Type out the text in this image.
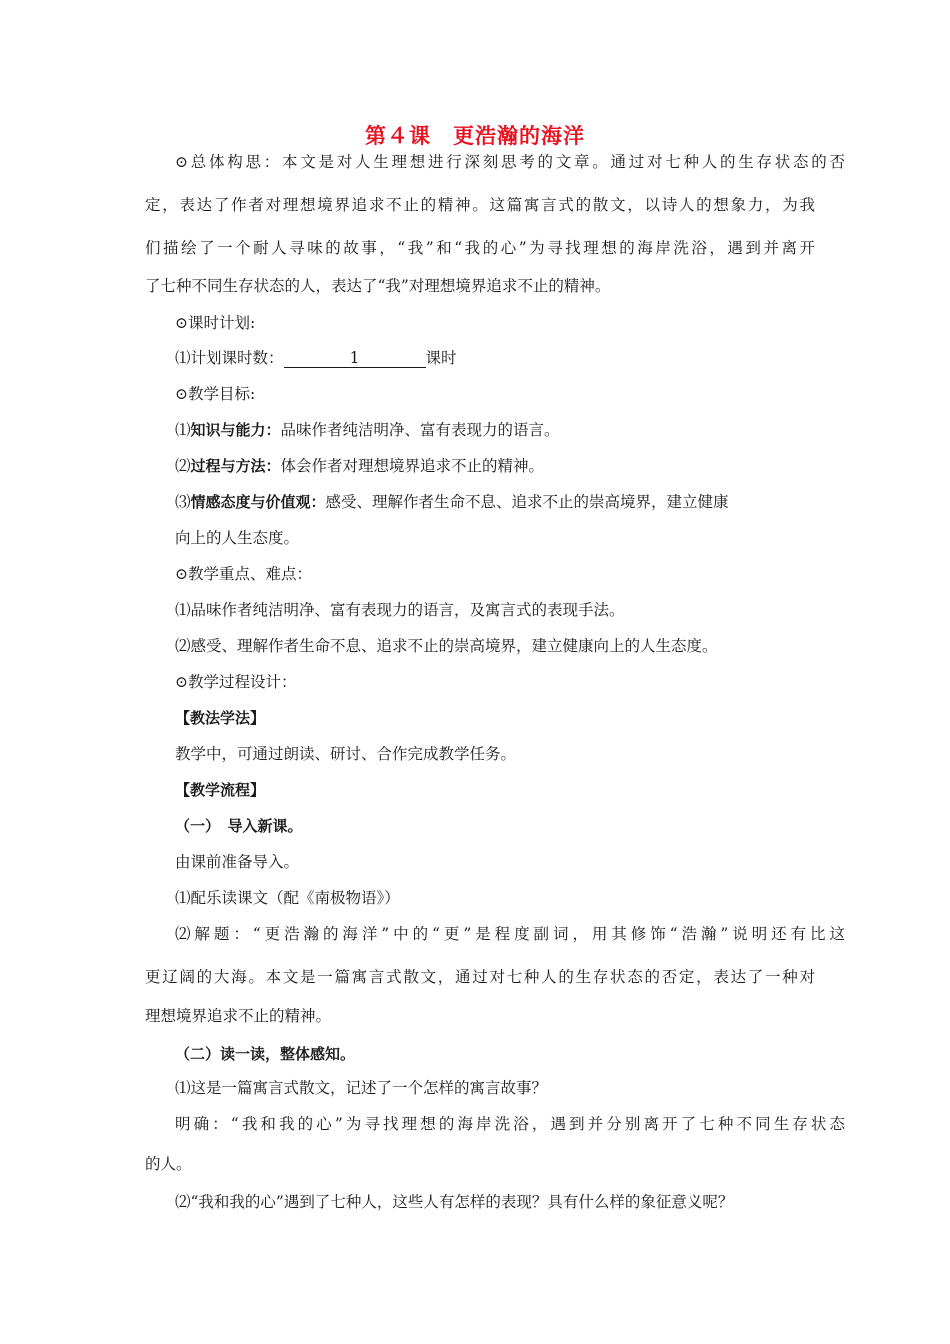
第４课　更浩瀚的海洋
⊙总体构思：本文是对人生理想进行深刻思考的文章。通过对七种人的生存状态的否
定，表达了作者对理想境界追求不止的精神。这篇寓言式的散文，以诗人的想象力，为我
们描绘了一个耐人寻味的故事，“我”和“我的心”为寻找理想的海岸洗浴，遇到并离开
了七种不同生存状态的人，表达了“我”对理想境界追求不止的精神。
⊙课时计划:
⑴计划课时数：	1	课时
⊙教学目标:
⑴知识与能力：品味作者纯洁明净、富有表现力的语言。
⑵过程与方法：体会作者对理想境界追求不止的精神。
⑶情感态度与价值观：感受、理解作者生命不息、追求不止的崇高境界，建立健康
向上的人生态度。
⊙教学重点、难点：
⑴品味作者纯洁明净、富有表现力的语言，及寓言式的表现手法。
⑵感受、理解作者生命不息、追求不止的崇高境界，建立健康向上的人生态度。
⊙教学过程设计：
【教法学法】
教学中，可通过朗读、研讨、合作完成教学任务。
【教学流程】
（一）　导入新课。
由课前准备导入。
⑴配乐读课文（配《南极物语》）
⑵解题：“更浩瀚的海洋”中的“更”是程度副词，用其修饰“浩瀚”说明还有比这
更辽阔的大海。本文是一篇寓言式散文，通过对七种人的生存状态的否定，表达了一种对
理想境界追求不止的精神。
（二）读一读，整体感知。
⑴这是一篇寓言式散文，记述了一个怎样的寓言故事？
明确：“我和我的心”为寻找理想的海岸洗浴，遇到并分别离开了七种不同生存状态
的人。
⑵“我和我的心”遇到了七种人，这些人有怎样的表现？具有什么样的象征意义呢？
